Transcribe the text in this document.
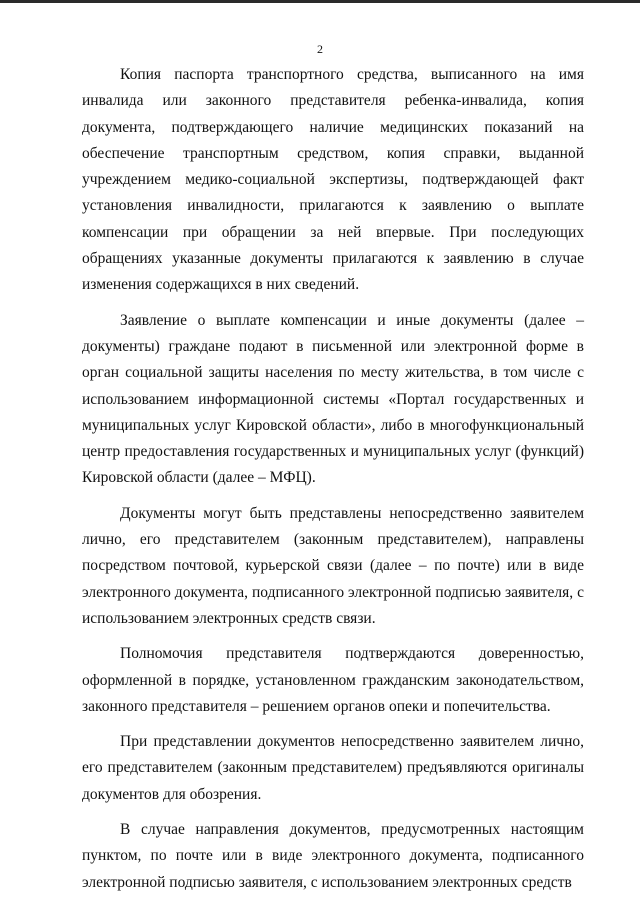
2

Копия паспорта транспортного средства, выписанного на имя инвалида или законного представителя ребенка-инвалида, копия документа, подтверждающего наличие медицинских показаний на обеспечение транспортным средством, копия справки, выданной учреждением медико-социальной экспертизы, подтверждающей факт установления инвалидности, прилагаются к заявлению о выплате компенсации при обращении за ней впервые. При последующих обращениях указанные документы прилагаются к заявлению в случае изменения содержащихся в них сведений.

Заявление о выплате компенсации и иные документы (далее – документы) граждане подают в письменной или электронной форме в орган социальной защиты населения по месту жительства, в том числе с использованием информационной системы «Портал государственных и муниципальных услуг Кировской области», либо в многофункциональный центр предоставления государственных и муниципальных услуг (функций) Кировской области (далее – МФЦ).

Документы могут быть представлены непосредственно заявителем лично, его представителем (законным представителем), направлены посредством почтовой, курьерской связи (далее – по почте) или в виде электронного документа, подписанного электронной подписью заявителя, с использованием электронных средств связи.

Полномочия представителя подтверждаются доверенностью, оформленной в порядке, установленном гражданским законодательством, законного представителя – решением органов опеки и попечительства.

При представлении документов непосредственно заявителем лично, его представителем (законным представителем) предъявляются оригиналы документов для обозрения.

В случае направления документов, предусмотренных настоящим пунктом, по почте или в виде электронного документа, подписанного электронной подписью заявителя, с использованием электронных средств
